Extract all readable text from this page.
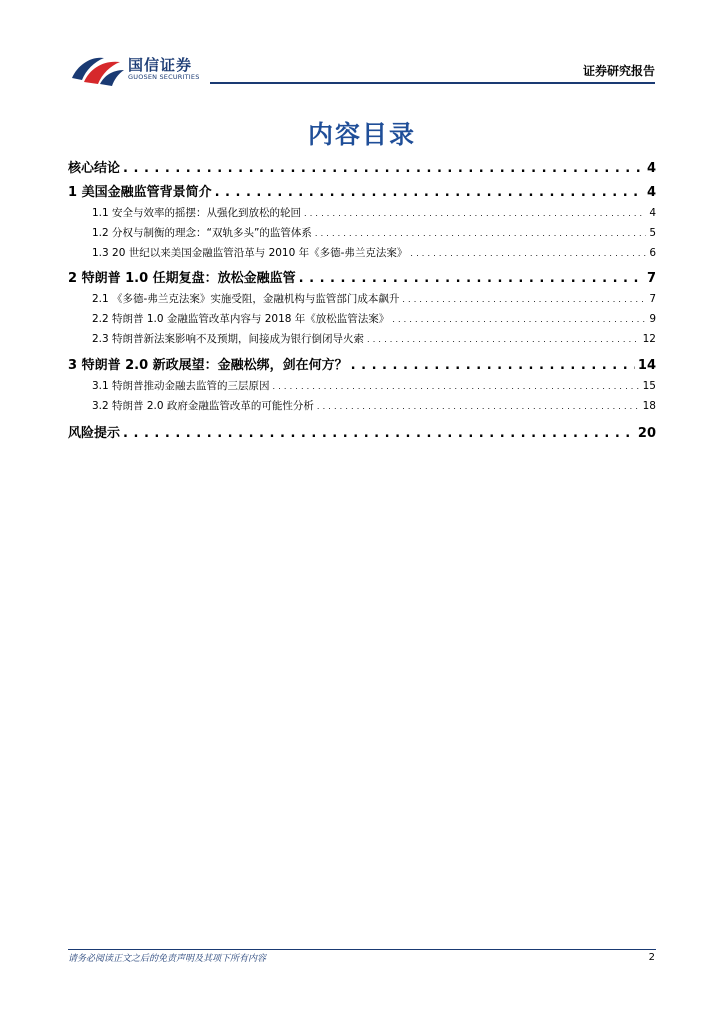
国信证券
GUOSEN SECURITIES	证券研究报告
内容目录
核心结论 . . .	4
1 美国金融监管背景简介 . . .	4
1.1 安全与效率的摇摆：从强化到放松的轮回 . . .	4
1.2 分权与制衡的理念：“双轨多头”的监管体系 . . .	5
1.3 20 世纪以来美国金融监管沿革与 2010 年《多德-弗兰克法案》 . . .	6
2 特朗普 1.0 任期复盘：放松金融监管 . . .	7
2.1 《多德-弗兰克法案》实施受阻，金融机构与监管部门成本飙升 . . .	7
2.2 特朗普 1.0 金融监管改革内容与 2018 年《放松监管法案》 . . .	9
2.3 特朗普新法案影响不及预期，间接成为银行倒闭导火索 . . .	12
3 特朗普 2.0 新政展望：金融松绑，剑在何方？ . . .	14
3.1 特朗普推动金融去监管的三层原因 . . .	15
3.2 特朗普 2.0 政府金融监管改革的可能性分析 . . .	18
风险提示 . . .	20
请务必阅读正文之后的免责声明及其项下所有内容	2
